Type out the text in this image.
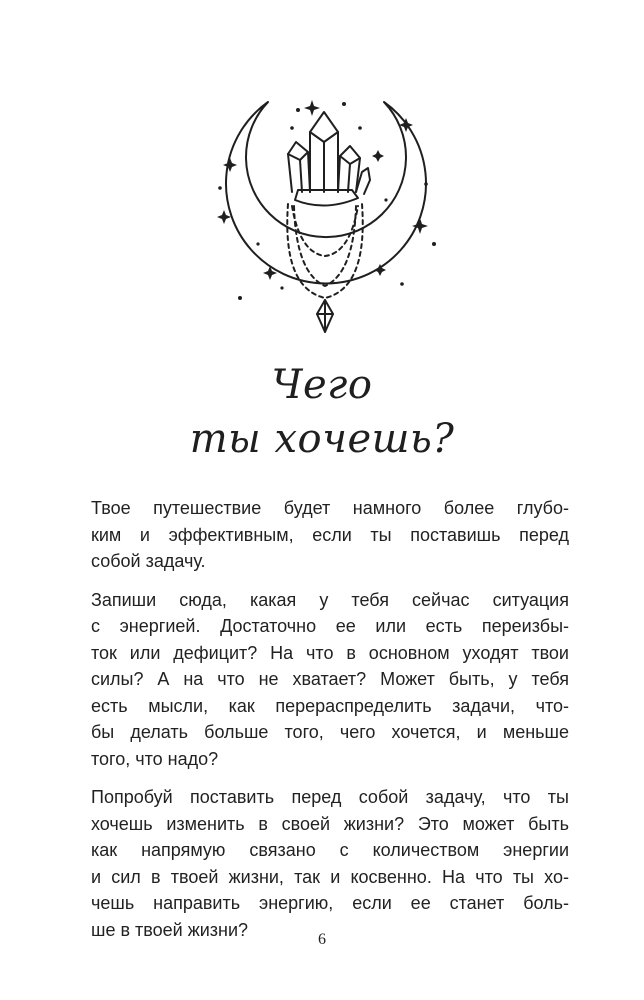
Чего
ты хочешь?

Твое путешествие будет намного более глубо-
ким и эффективным, если ты поставишь перед
собой задачу.

Запиши сюда, какая у тебя сейчас ситуация
с энергией. Достаточно ее или есть переизбы-
ток или дефицит? На что в основном уходят твои
силы? А на что не хватает? Может быть, у тебя
есть мысли, как перераспределить задачи, что-
бы делать больше того, чего хочется, и меньше
того, что надо?

Попробуй поставить перед собой задачу, что ты
хочешь изменить в своей жизни? Это может быть
как напрямую связано с количеством энергии
и сил в твоей жизни, так и косвенно. На что ты хо-
чешь направить энергию, если ее станет боль-
ше в твоей жизни?	6
